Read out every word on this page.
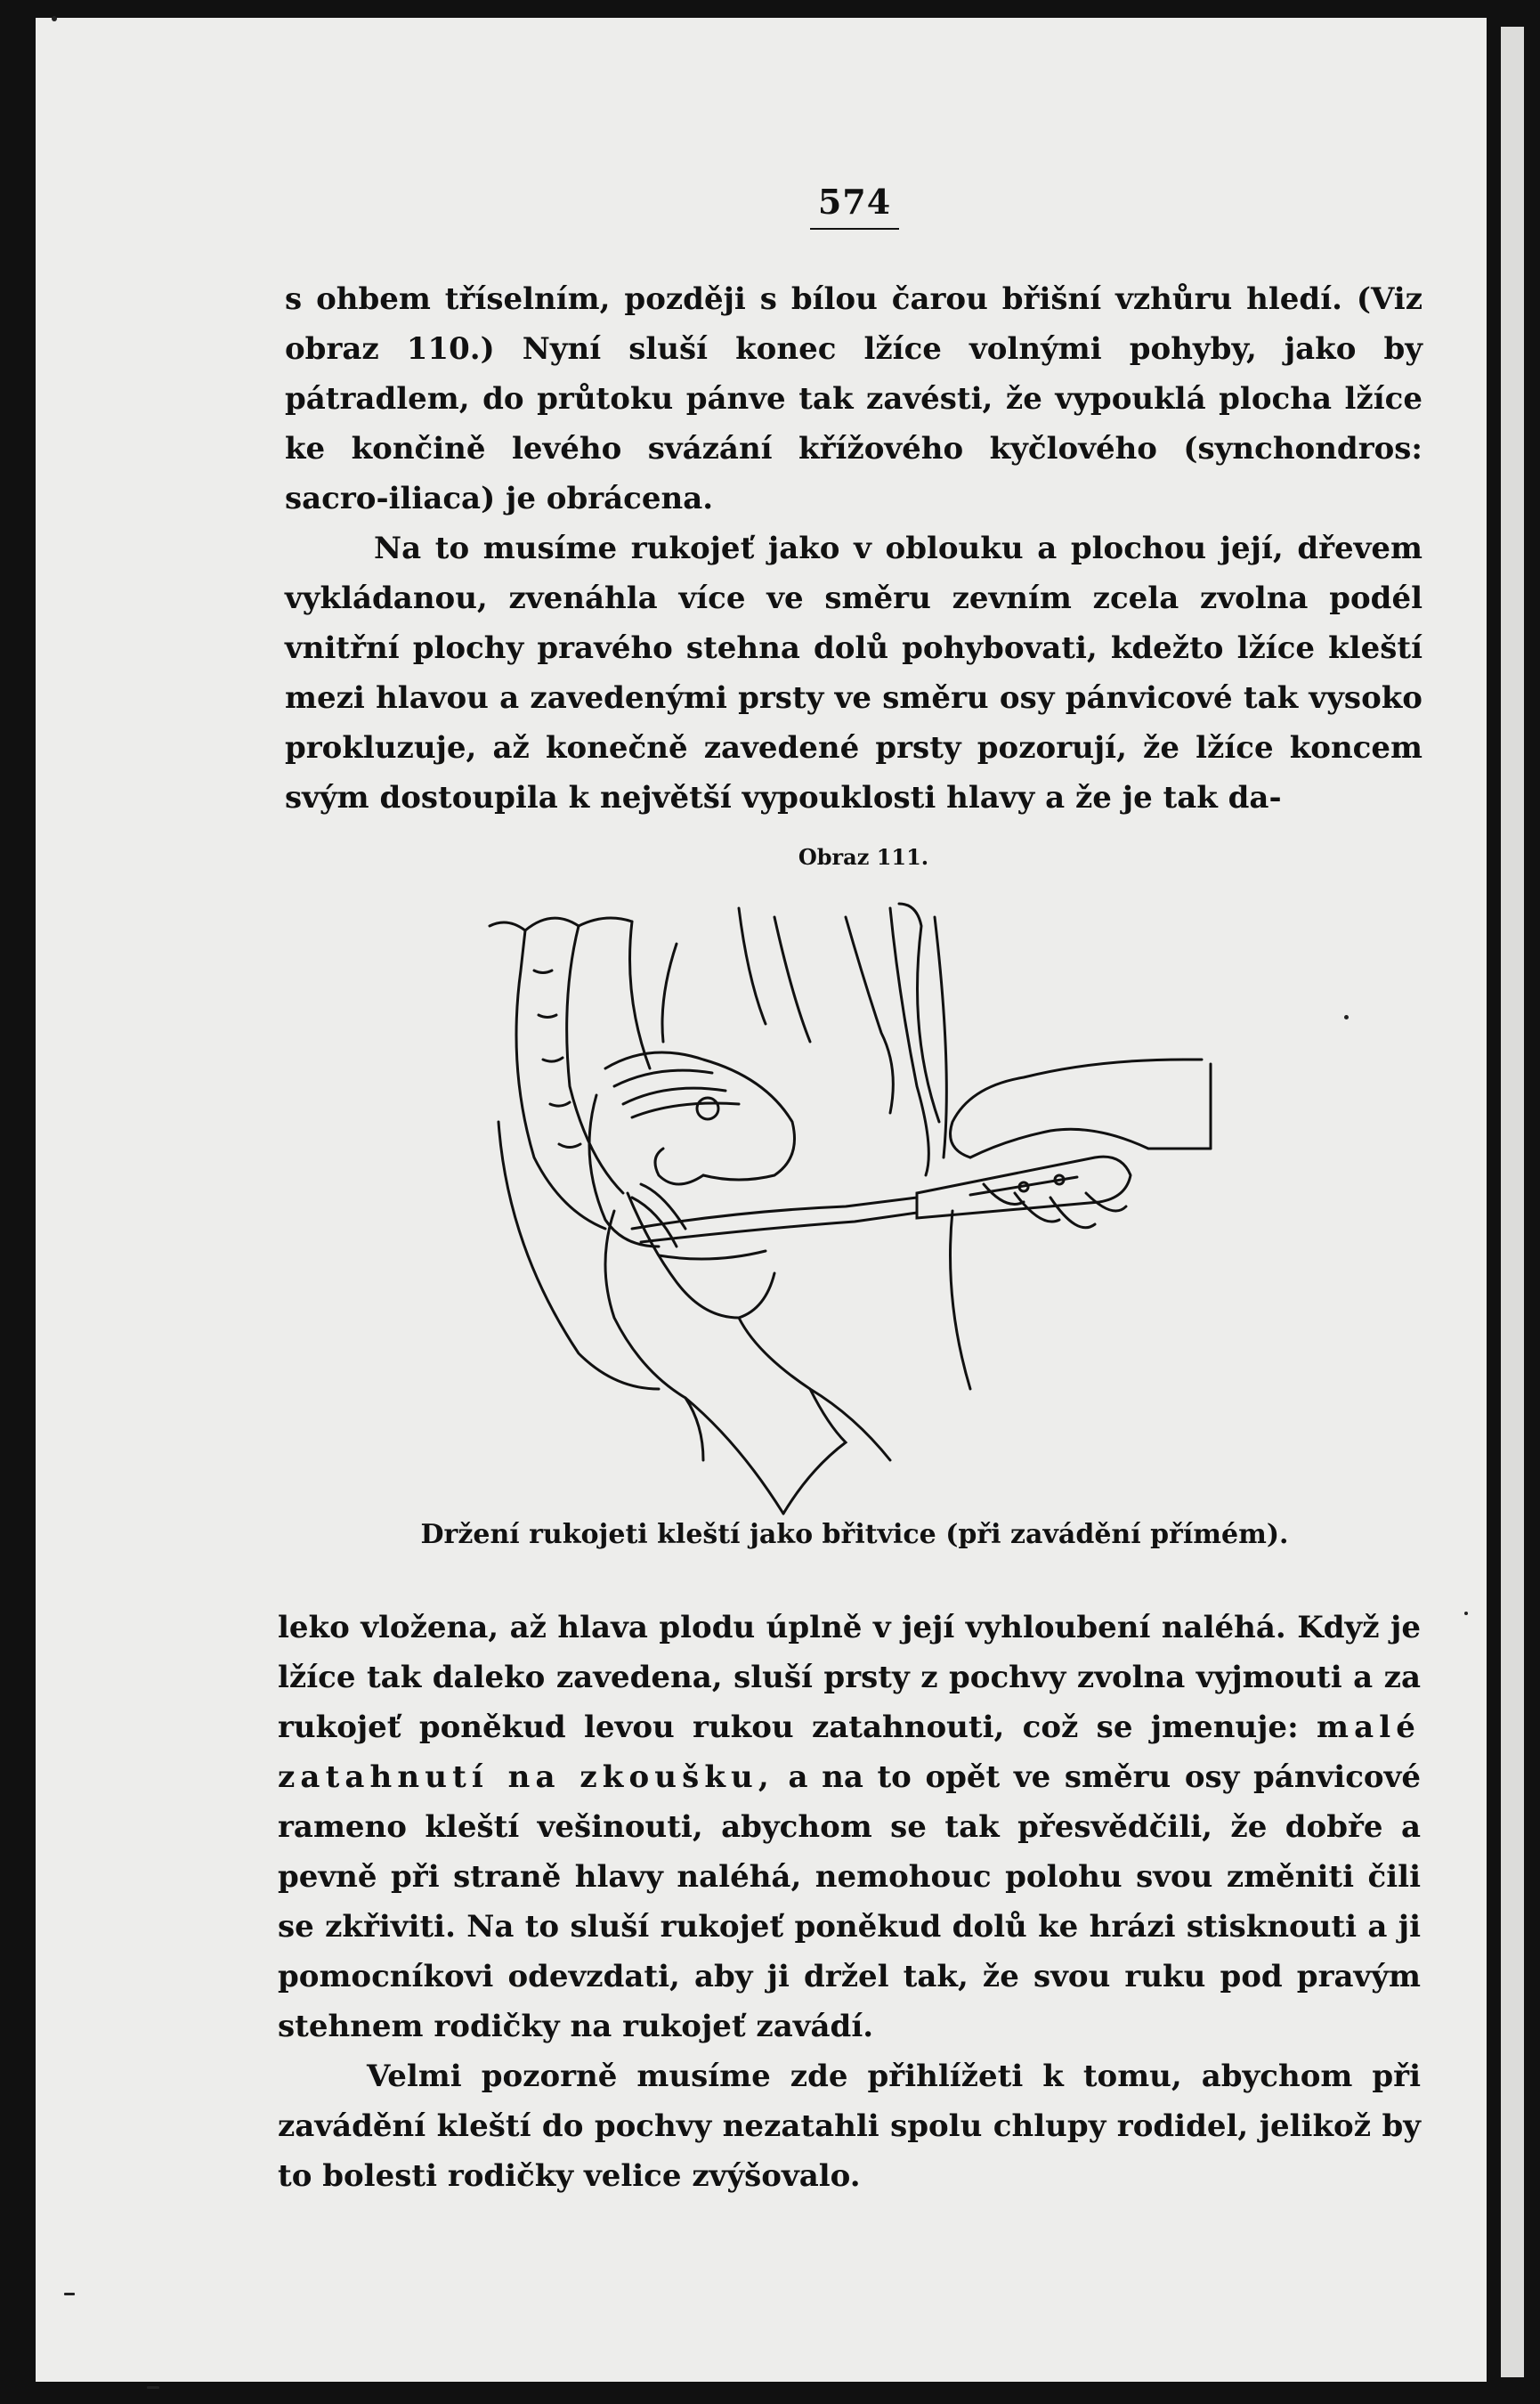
574

s ohbem tříselním, později s bílou čarou břišní vzhůru hledí. (Viz obraz 110.) Nyní sluší konec lžíce volnými pohyby, jako by pátradlem, do průtoku pánve tak zavésti, že vypouklá plocha lžíce ke končině levého svázání křížového kyčlového (synchondros: sacro-iliaca) je obrácena.

Na to musíme rukojeť jako v oblouku a plochou její, dřevem vykládanou, zvenáhla více ve směru zevním zcela zvolna podél vnitřní plochy pravého stehna dolů pohybovati, kdežto lžíce kleští mezi hlavou a zavedenými prsty ve směru osy pánvicové tak vysoko prokluzuje, až konečně zavedené prsty pozorují, že lžíce koncem svým dostoupila k největší vypouklosti hlavy a že je tak da-

Obraz 111.
Držení rukojeti kleští jako břitvice (při zavádění přímém).

leko vložena, až hlava plodu úplně v její vyhloubení naléhá. Když je lžíce tak daleko zavedena, sluší prsty z pochvy zvolna vyjmouti a za rukojeť poněkud levou rukou zatahnouti, což se jmenuje: malé zatahnutí na zkoušku, a na to opět ve směru osy pánvicové rameno kleští vešinouti, abychom se tak přesvědčili, že dobře a pevně při straně hlavy naléhá, nemohouc polohu svou změniti čili se zkřiviti. Na to sluší rukojeť poněkud dolů ke hrázi stisknouti a ji pomocníkovi odevzdati, aby ji držel tak, že svou ruku pod pravým stehnem rodičky na rukojeť zavádí.

Velmi pozorně musíme zde přihlížeti k tomu, abychom při zavádění kleští do pochvy nezatahli spolu chlupy rodidel, jelikož by to bolesti rodičky velice zvýšovalo.
